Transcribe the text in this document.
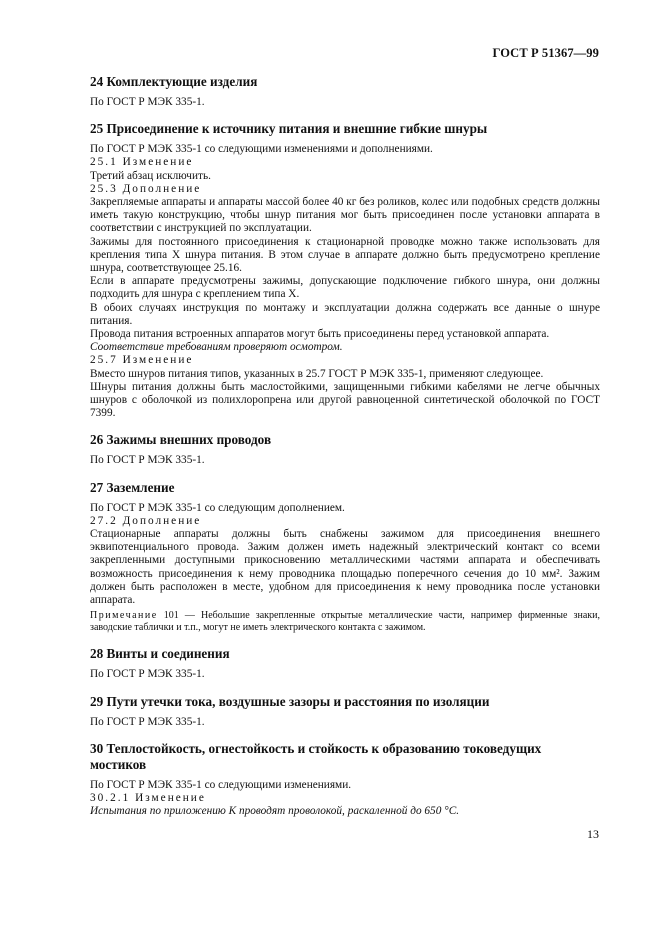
ГОСТ Р 51367—99
24 Комплектующие изделия

По ГОСТ Р МЭК 335-1.

25 Присоединение к источнику питания и внешние гибкие шнуры

По ГОСТ Р МЭК 335-1 со следующими изменениями и дополнениями.

25.1 Изменение

Третий абзац исключить.

25.3 Дополнение

Закрепляемые аппараты и аппараты массой более 40 кг без роликов, колес или подобных средств должны иметь такую конструкцию, чтобы шнур питания мог быть присоединен после установки аппарата в соответствии с инструкцией по эксплуатации.

Зажимы для постоянного присоединения к стационарной проводке можно также использовать для крепления типа X шнура питания. В этом случае в аппарате должно быть предусмотрено крепление шнура, соответствующее 25.16.

Если в аппарате предусмотрены зажимы, допускающие подключение гибкого шнура, они должны подходить для шнура с креплением типа X.

В обоих случаях инструкция по монтажу и эксплуатации должна содержать все данные о шнуре питания.

Провода питания встроенных аппаратов могут быть присоединены перед установкой аппарата.

Соответствие требованиям проверяют осмотром.

25.7 Изменение

Вместо шнуров питания типов, указанных в 25.7 ГОСТ Р МЭК 335-1, применяют следующее.

Шнуры питания должны быть маслостойкими, защищенными гибкими кабелями не легче обычных шнуров с оболочкой из полихлоропрена или другой равноценной синтетической оболочкой по ГОСТ 7399.

26 Зажимы внешних проводов

По ГОСТ Р МЭК 335-1.

27 Заземление

По ГОСТ Р МЭК 335-1 со следующим дополнением.

27.2 Дополнение

Стационарные аппараты должны быть снабжены зажимом для присоединения внешнего эквипотенциального провода. Зажим должен иметь надежный электрический контакт со всеми закрепленными доступными прикосновению металлическими частями аппарата и обеспечивать возможность присоединения к нему проводника площадью поперечного сечения до 10 мм². Зажим должен быть расположен в месте, удобном для присоединения к нему проводника после установки аппарата.

Примечание 101 — Небольшие закрепленные открытые металлические части, например фирменные знаки, заводские таблички и т.п., могут не иметь электрического контакта с зажимом.

28 Винты и соединения

По ГОСТ Р МЭК 335-1.

29 Пути утечки тока, воздушные зазоры и расстояния по изоляции

По ГОСТ Р МЭК 335-1.

30 Теплостойкость, огнестойкость и стойкость к образованию токоведущих мостиков

По ГОСТ Р МЭК 335-1 со следующими изменениями.

30.2.1 Изменение

Испытания по приложению К проводят проволокой, раскаленной до 650 °С.

13
